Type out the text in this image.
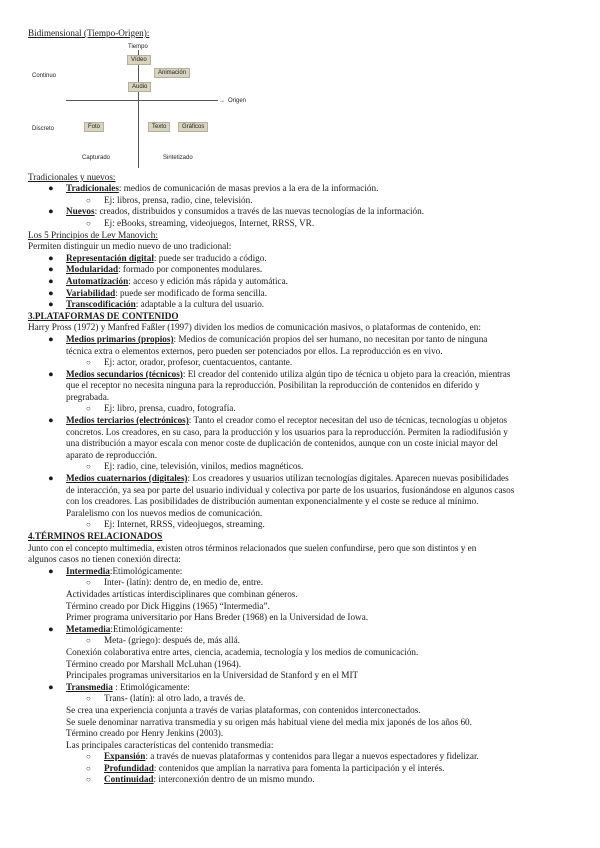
Bidimensional (Tiempo-Origen):

Tiempo
Vídeo
Animación
Continuo
Audio
→ Origen
Discreto	Foto	Texto	Gráficos
Capturado	Sintetizado

Tradicionales y nuevos:

● Tradicionales: medios de comunicación de masas previos a la era de la información.

○ Ej: libros, prensa, radio, cine, televisión.

● Nuevos: creados, distribuidos y consumidos a través de las nuevas tecnologías de la información.

○ Ej: eBooks, streaming, videojuegos, Internet, RRSS, VR.

Los 5 Principios de Lev Manovich:

Permiten distinguir un medio nuevo de uno tradicional:

● Representación digital: puede ser traducido a código.

● Modularidad: formado por componentes modulares.

● Automatización: acceso y edición más rápida y automática.

● Variabilidad: puede ser modificado de forma sencilla.

● Transcodificación: adaptable a la cultura del usuario.

3.PLATAFORMAS DE CONTENIDO

Harry Pross (1972) y Manfred Faßler (1997) dividen los medios de comunicación masivos, o plataformas de contenido, en:

● Medios primarios (propios): Medios de comunicación propios del ser humano, no necesitan por tanto de ninguna

técnica extra o elementos externos, pero pueden ser potenciados por ellos. La reproducción es en vivo.

○ Ej: actor, orador, profesor, cuentacuentos, cantante.

● Medios secundarios (técnicos): El creador del contenido utiliza algún tipo de técnica u objeto para la creación, mientras

que el receptor no necesita ninguna para la reproducción. Posibilitan la reproducción de contenidos en diferido y

pregrabada.

○ Ej: libro, prensa, cuadro, fotografía.

● Medios terciarios (electrónicos): Tanto el creador como el receptor necesitan del uso de técnicas, tecnologías u objetos

concretos. Los creadores, en su caso, para la producción y los usuarios para la reproducción. Permiten la radiodifusión y

una distribución a mayor escala con menor coste de duplicación de contenidos, aunque con un coste inicial mayor del

aparato de reproducción.

○ Ej: radio, cine, televisión, vinilos, medios magnéticos.

● Medios cuaternarios (digitales): Los creadores y usuarios utilizan tecnologías digitales. Aparecen nuevas posibilidades

de interacción, ya sea por parte del usuario individual y colectiva por parte de los usuarios, fusionándose en algunos casos

con los creadores. Las posibilidades de distribución aumentan exponencialmente y el coste se reduce al mínimo.

Paralelismo con los nuevos medios de comunicación.

○ Ej: Internet, RRSS, videojuegos, streaming.

4.TÉRMINOS RELACIONADOS

Junto con el concepto multimedia, existen otros términos relacionados que suelen confundirse, pero que son distintos y en

algunos casos no tienen conexión directa:

● Intermedia:Etimológicamente:

○ Inter- (latín): dentro de, en medio de, entre.

Actividades artísticas interdisciplinares que combinan géneros.

Término creado por Dick Higgins (1965) “Intermedia”.

Primer programa universitario por Hans Breder (1968) en la Universidad de Iowa.

● Metamedia:Etimológicamente:

○ Meta- (griego): después de, más allá.

Conexión colaborativa entre artes, ciencia, academia, tecnología y los medios de comunicación.

Término creado por Marshall McLuhan (1964).

Principales programas universitarios en la Universidad de Stanford y en el MIT

● Transmedia : Etimológicamente:

○ Trans- (latín): al otro lado, a través de.

Se crea una experiencia conjunta a través de varias plataformas, con contenidos interconectados.

Se suele denominar narrativa transmedia y su origen más habitual viene del media mix japonés de los años 60.

Término creado por Henry Jenkins (2003).

Las principales características del contenido transmedia:

○ Expansión: a través de nuevas plataformas y contenidos para llegar a nuevos espectadores y fidelizar.

○ Profundidad: contenidos que amplían la narrativa para fomenta la participación y el interés.

○ Continuidad: interconexión dentro de un mismo mundo.
